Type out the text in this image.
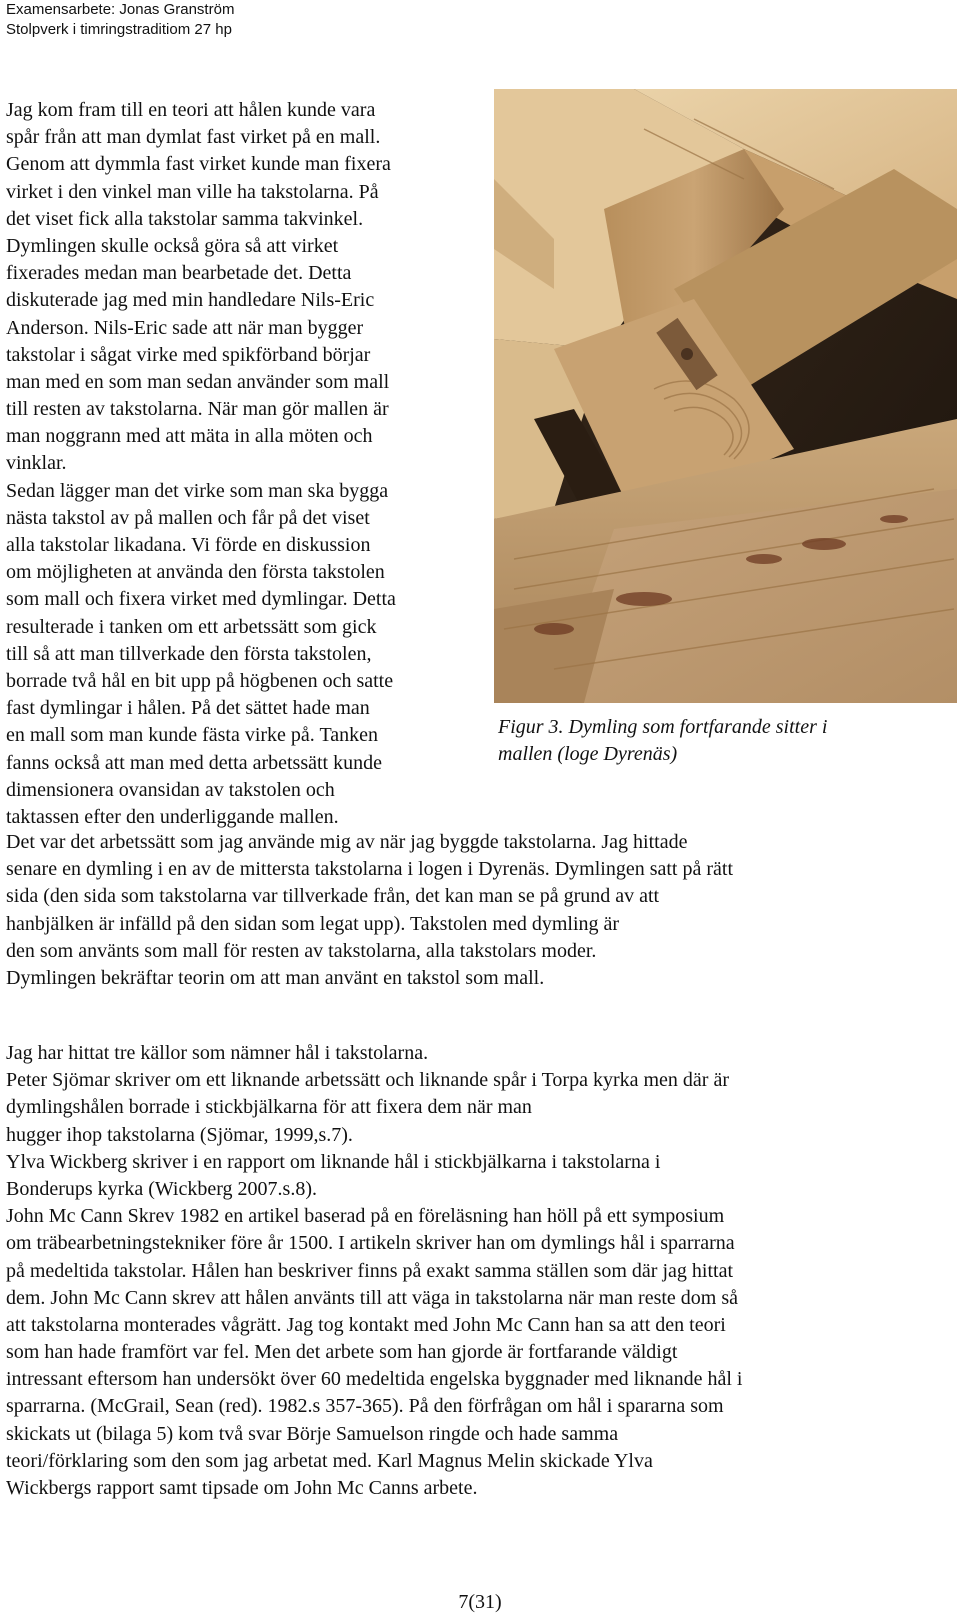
Examensarbete: Jonas Granström
Stolpverk i timringstraditiom 27 hp
Jag kom fram till en teori att hålen kunde vara
spår från att man dymlat fast virket på en mall.
Genom att dymmla fast virket kunde man fixera
virket i den vinkel man ville ha takstolarna. På
det viset fick alla takstolar samma takvinkel.
Dymlingen skulle också göra så att virket
fixerades medan man bearbetade det. Detta
diskuterade jag med min handledare Nils-Eric
Anderson. Nils-Eric sade att när man bygger
takstolar i sågat virke med spikförband börjar
man med en som man sedan använder som mall
till resten av takstolarna. När man gör mallen är
man noggrann med att mäta in alla möten och
vinklar.
Sedan lägger man det virke som man ska bygga
nästa takstol av på mallen och får på det viset
alla takstolar likadana. Vi förde en diskussion
om möjligheten at använda den första takstolen
som mall och fixera virket med dymlingar. Detta
resulterade i tanken om ett arbetssätt som gick
till så att man tillverkade den första takstolen,
borrade två hål en bit upp på högbenen och satte
fast dymlingar i hålen. På det sättet hade man
en mall som man kunde fästa virke på. Tanken
fanns också att man med detta arbetssätt kunde
dimensionera ovansidan av takstolen och
taktassen efter den underliggande mallen.
Figur 3. Dymling som fortfarande sitter i
mallen (loge Dyrenäs)
Det var det arbetssätt som jag använde mig av när jag byggde takstolarna. Jag hittade
senare en dymling i en av de mittersta takstolarna i logen i Dyrenäs. Dymlingen satt på rätt
sida (den sida som takstolarna var tillverkade från, det kan man se på grund av att
hanbjälken är infälld på den sidan som legat upp). Takstolen med dymling är
den som använts som mall för resten av takstolarna, alla takstolars moder.
Dymlingen bekräftar teorin om att man använt en takstol som mall.
Jag har hittat tre källor som nämner hål i takstolarna.
Peter Sjömar skriver om ett liknande arbetssätt och liknande spår i Torpa kyrka men där är
dymlingshålen borrade i stickbjälkarna för att fixera dem när man
hugger ihop takstolarna (Sjömar, 1999,s.7).
Ylva Wickberg skriver i en rapport om liknande hål i stickbjälkarna i takstolarna i
Bonderups kyrka (Wickberg 2007.s.8).
John Mc Cann Skrev 1982 en artikel baserad på en föreläsning han höll på ett symposium
om träbearbetningstekniker före år 1500. I artikeln skriver han om dymlings hål i sparrarna
på medeltida takstolar. Hålen han beskriver finns på exakt samma ställen som där jag hittat
dem. John Mc Cann skrev att hålen använts till att väga in takstolarna när man reste dom så
att takstolarna monterades vågrätt. Jag tog kontakt med John Mc Cann han sa att den teori
som han hade framfört var fel. Men det arbete som han gjorde är fortfarande väldigt
intressant eftersom han undersökt över 60 medeltida engelska byggnader med liknande hål i
sparrarna. (McGrail, Sean (red). 1982.s 357-365). På den förfrågan om hål i spararna som
skickats ut (bilaga 5) kom två svar Börje Samuelson ringde och hade samma
teori/förklaring som den som jag arbetat med. Karl Magnus Melin skickade Ylva
Wickbergs rapport samt tipsade om John Mc Canns arbete.
7(31)
